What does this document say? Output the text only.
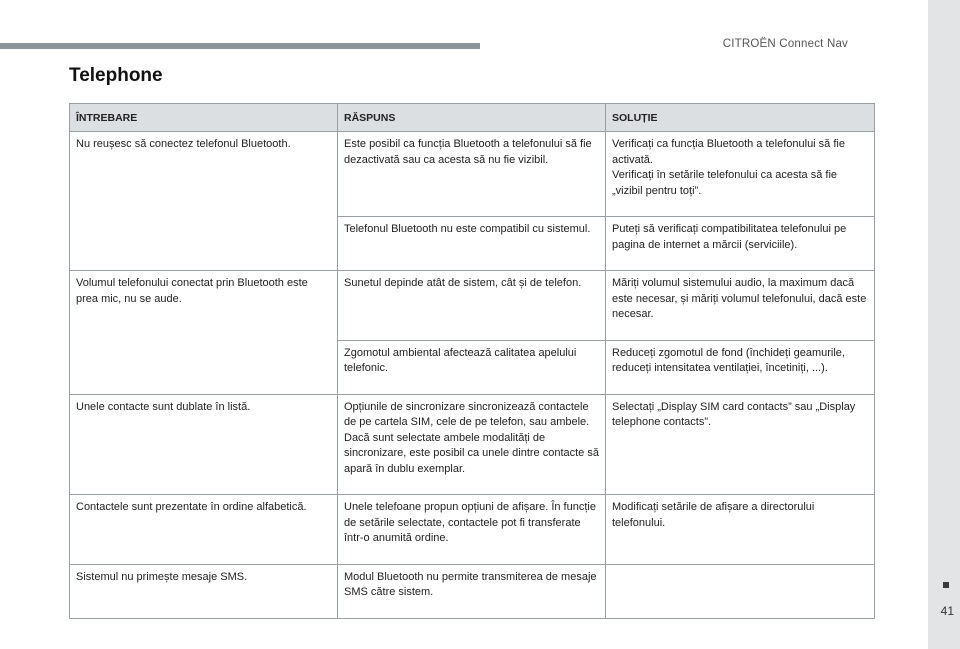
CITROËN Connect Nav
41
Telephone
ÎNTREBARE	RĂSPUNS	SOLUȚIE
Nu reușesc să conectez telefonul Bluetooth.	Este posibil ca funcția Bluetooth a telefonului să fie dezactivată sau ca acesta să nu fie vizibil.	Verificați ca funcția Bluetooth a telefonului să fie activată.
Verificați în setările telefonului ca acesta să fie „vizibil pentru toți”.
	Telefonul Bluetooth nu este compatibil cu sistemul.	Puteți să verificați compatibilitatea telefonului pe pagina de internet a mărcii (serviciile).
Volumul telefonului conectat prin Bluetooth este prea mic, nu se aude.	Sunetul depinde atât de sistem, cât și de telefon.	Măriți volumul sistemului audio, la maximum dacă este necesar, și măriți volumul telefonului, dacă este necesar.
	Zgomotul ambiental afectează calitatea apelului telefonic.	Reduceți zgomotul de fond (închideți geamurile, reduceți intensitatea ventilației, încetiniți, ...).
Unele contacte sunt dublate în listă.	Opțiunile de sincronizare sincronizează contactele de pe cartela SIM, cele de pe telefon, sau ambele. Dacă sunt selectate ambele modalități de sincronizare, este posibil ca unele dintre contacte să apară în dublu exemplar.	Selectați „Display SIM card contacts” sau „Display telephone contacts”.
Contactele sunt prezentate în ordine alfabetică.	Unele telefoane propun opțiuni de afișare. În funcție de setările selectate, contactele pot fi transferate într-o anumită ordine.	Modificați setările de afișare a directorului telefonului.
Sistemul nu primește mesaje SMS.	Modul Bluetooth nu permite transmiterea de mesaje SMS către sistem.	
